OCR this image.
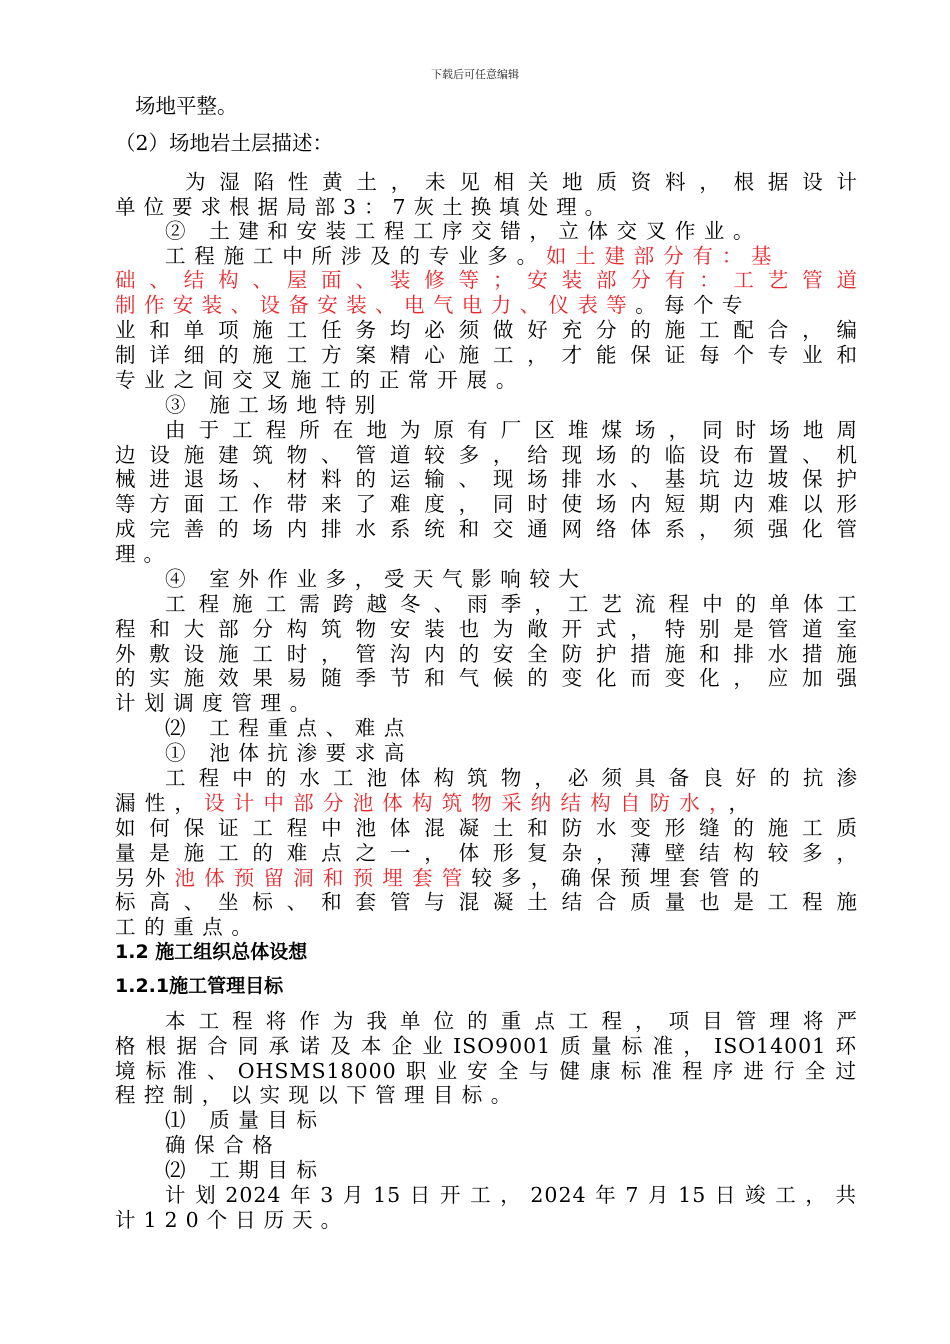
下载后可任意编辑
场地平整。
（2）场地岩土层描述：
为湿陷性黄土，未见相关地质资料，根据设计
单位要求根据局部3：7灰土换填处理。
② 土建和安装工程工序交错，立体交叉作业。
工程施工中所涉及的专业多。如土建部分有：基
础、结构、屋面、装修等；安装部分有：工艺管道
制作安装、设备安装、电气电力、仪表等。每个专
业和单项施工任务均必须做好充分的施工配合，编
制详细的施工方案精心施工，才能保证每个专业和
专业之间交叉施工的正常开展。
③ 施工场地特别
由于工程所在地为原有厂区堆煤场，同时场地周
边设施建筑物、管道较多，给现场的临设布置、机
械进退场、材料的运输、现场排水、基坑边坡保护
等方面工作带来了难度，同时使场内短期内难以形
成完善的场内排水系统和交通网络体系，须强化管
理。
④ 室外作业多，受天气影响较大
工程施工需跨越冬、雨季，工艺流程中的单体工
程和大部分构筑物安装也为敞开式，特别是管道室
外敷设施工时，管沟内的安全防护措施和排水措施
的实施效果易随季节和气候的变化而变化，应加强
计划调度管理。
⑵ 工程重点、难点
① 池体抗渗要求高
工程中的水工池体构筑物，必须具备良好的抗渗
漏性，设计中部分池体构筑物采纳结构自防水，，
如何保证工程中池体混凝土和防水变形缝的施工质
量是施工的难点之一，体形复杂，薄壁结构较多，
另外池体预留洞和预埋套管较多，确保预埋套管的
标高、坐标、和套管与混凝土结合质量也是工程施
工的重点。
1.2 施工组织总体设想
1.2.1施工管理目标
本工程将作为我单位的重点工程，项目管理将严
格根据合同承诺及本企业ISO9001质量标准，ISO14001环
境标准、OHSMS18000职业安全与健康标准程序进行全过
程控制，以实现以下管理目标。
⑴ 质量目标
确保合格
⑵ 工期目标
计划2024年3月15日开工，2024年7月15日竣工，共
计120个日历天。
